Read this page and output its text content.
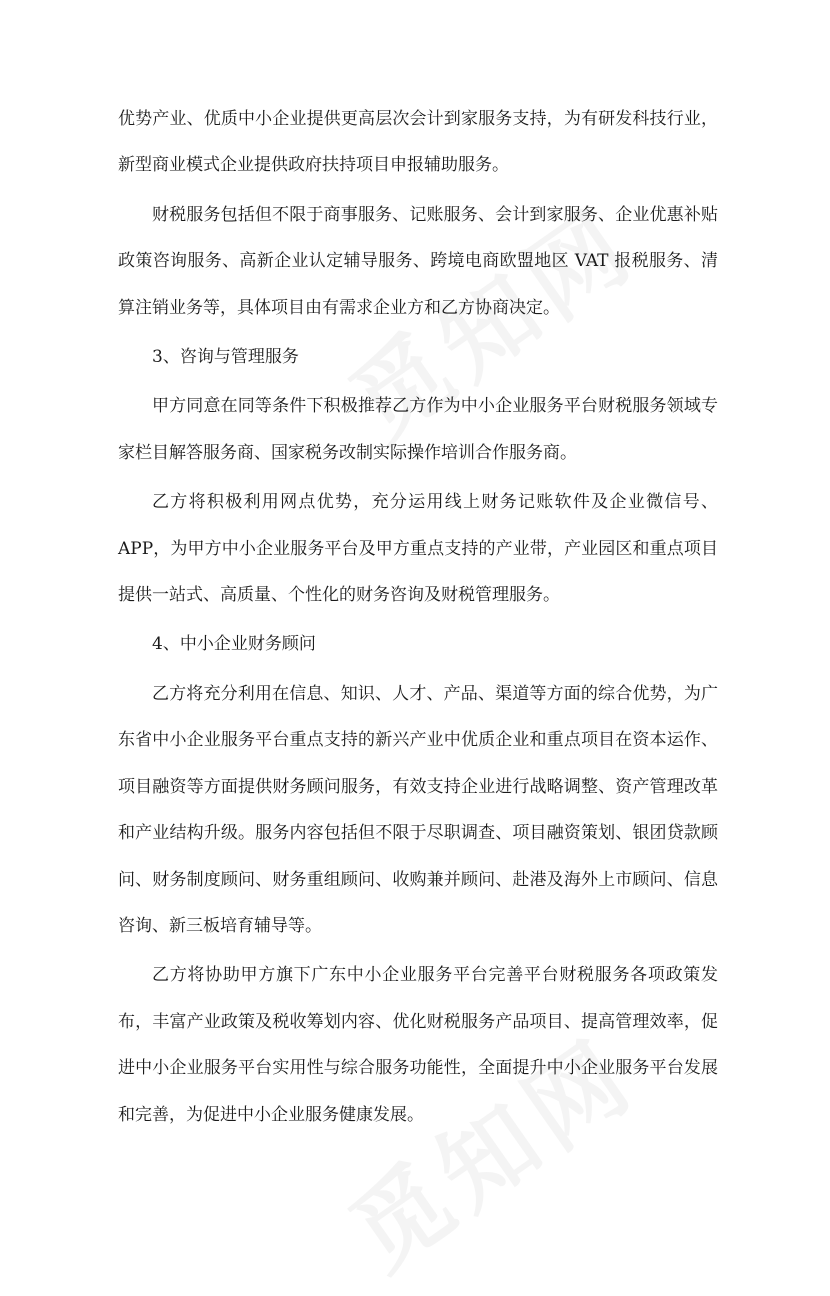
优势产业、优质中小企业提供更高层次会计到家服务支持，为有研发科技行业，新型商业模式企业提供政府扶持项目申报辅助服务。

财税服务包括但不限于商事服务、记账服务、会计到家服务、企业优惠补贴政策咨询服务、高新企业认定辅导服务、跨境电商欧盟地区 VAT 报税服务、清算注销业务等，具体项目由有需求企业方和乙方协商决定。

3、咨询与管理服务

甲方同意在同等条件下积极推荐乙方作为中小企业服务平台财税服务领域专家栏目解答服务商、国家税务改制实际操作培训合作服务商。

乙方将积极利用网点优势，充分运用线上财务记账软件及企业微信号、APP，为甲方中小企业服务平台及甲方重点支持的产业带，产业园区和重点项目提供一站式、高质量、个性化的财务咨询及财税管理服务。

4、中小企业财务顾问

乙方将充分利用在信息、知识、人才、产品、渠道等方面的综合优势，为广东省中小企业服务平台重点支持的新兴产业中优质企业和重点项目在资本运作、项目融资等方面提供财务顾问服务，有效支持企业进行战略调整、资产管理改革和产业结构升级。服务内容包括但不限于尽职调查、项目融资策划、银团贷款顾问、财务制度顾问、财务重组顾问、收购兼并顾问、赴港及海外上市顾问、信息咨询、新三板培育辅导等。

乙方将协助甲方旗下广东中小企业服务平台完善平台财税服务各项政策发布，丰富产业政策及税收筹划内容、优化财税服务产品项目、提高管理效率，促进中小企业服务平台实用性与综合服务功能性，全面提升中小企业服务平台发展和完善，为促进中小企业服务健康发展。
